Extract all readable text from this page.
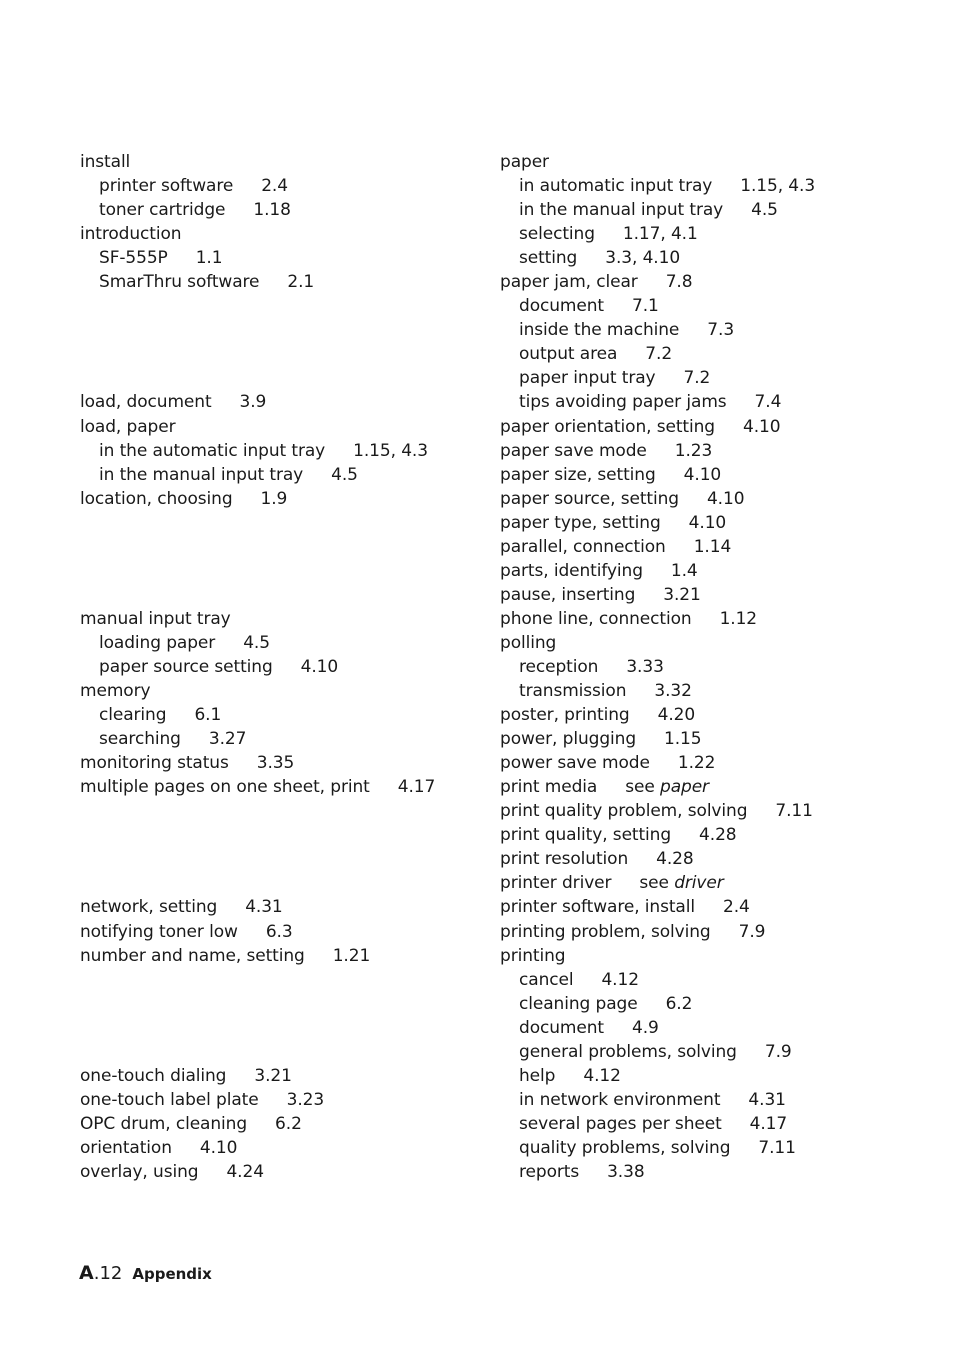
install
printer software 2.4
toner cartridge 1.18
introduction
SF-555P 1.1
SmarThru software 2.1
load, document 3.9
load, paper
in the automatic input tray 1.15, 4.3
in the manual input tray 4.5
location, choosing 1.9
manual input tray
loading paper 4.5
paper source setting 4.10
memory
clearing 6.1
searching 3.27
monitoring status 3.35
multiple pages on one sheet, print 4.17
network, setting 4.31
notifying toner low 6.3
number and name, setting 1.21
one-touch dialing 3.21
one-touch label plate 3.23
OPC drum, cleaning 6.2
orientation 4.10
overlay, using 4.24
paper
in automatic input tray 1.15, 4.3
in the manual input tray 4.5
selecting 1.17, 4.1
setting 3.3, 4.10
paper jam, clear 7.8
document 7.1
inside the machine 7.3
output area 7.2
paper input tray 7.2
tips avoiding paper jams 7.4
paper orientation, setting 4.10
paper save mode 1.23
paper size, setting 4.10
paper source, setting 4.10
paper type, setting 4.10
parallel, connection 1.14
parts, identifying 1.4
pause, inserting 3.21
phone line, connection 1.12
polling
reception 3.33
transmission 3.32
poster, printing 4.20
power, plugging 1.15
power save mode 1.22
print media see paper
print quality problem, solving 7.11
print quality, setting 4.28
print resolution 4.28
printer driver see driver
printer software, install 2.4
printing problem, solving 7.9
printing
cancel 4.12
cleaning page 6.2
document 4.9
general problems, solving 7.9
help 4.12
in network environment 4.31
several pages per sheet 4.17
quality problems, solving 7.11
reports 3.38
A.12 Appendix
